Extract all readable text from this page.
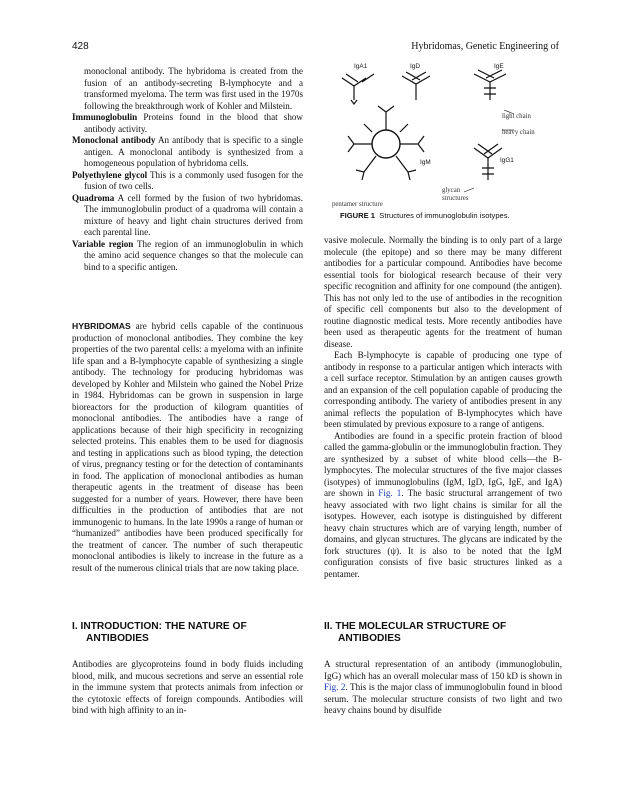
428	Hybridomas, Genetic Engineering of

monoclonal antibody. The hybridoma is created from the fusion of an antibody-secreting B-lymphocyte and a transformed myeloma. The term was first used in the 1970s following the breakthrough work of Kohler and Milstein.

Immunoglobulin Proteins found in the blood that show antibody activity.

Monoclonal antibody An antibody that is specific to a single antigen. A monoclonal antibody is synthesized from a homogeneous population of hybridoma cells.

Polyethylene glycol This is a commonly used fusogen for the fusion of two cells.

Quadroma A cell formed by the fusion of two hybridomas. The immunoglobulin product of a quadroma will contain a mixture of heavy and light chain structures derived from each parental line.

Variable region The region of an immunoglobulin in which the amino acid sequence changes so that the molecule can bind to a specific antigen.

HYBRIDOMAS are hybrid cells capable of the continuous production of monoclonal antibodies. They combine the key properties of the two parental cells: a myeloma with an infinite life span and a B-lymphocyte capable of synthesizing a single antibody. The technology for producing hybridomas was developed by Kohler and Milstein who gained the Nobel Prize in 1984. Hybridomas can be grown in suspension in large bioreactors for the production of kilogram quantities of monoclonal antibodies. The antibodies have a range of applications because of their high specificity in recognizing selected proteins. This enables them to be used for diagnosis and testing in applications such as blood typing, the detection of virus, pregnancy testing or for the detection of contaminants in food. The application of monoclonal antibodies as human therapeutic agents in the treatment of disease has been suggested for a number of years. However, there have been difficulties in the production of antibodies that are not immunogenic to humans. In the late 1990s a range of human or “humanized” antibodies have been produced specifically for the treatment of cancer. The number of such therapeutic monoclonal antibodies is likely to increase in the future as a result of the numerous clinical trials that are now taking place.

I. INTRODUCTION: THE NATURE OF ANTIBODIES

Antibodies are glycoproteins found in body fluids including blood, milk, and mucous secretions and serve an essential role in the immune system that protects animals from infection or the cytotoxic effects of foreign compounds. Antibodies will bind with high affinity to an in-

IgA1	IgD	IgE
IgM	IgG1
light chain
heavy chain
glycan
structures
pentamer structure
FIGURE 1 Structures of immunoglobulin isotypes.

vasive molecule. Normally the binding is to only part of a large molecule (the epitope) and so there may be many different antibodies for a particular compound. Antibodies have become essential tools for biological research because of their very specific recognition and affinity for one compound (the antigen). This has not only led to the use of antibodies in the recognition of specific cell components but also to the development of routine diagnostic medical tests. More recently antibodies have been used as therapeutic agents for the treatment of human disease.

Each B-lymphocyte is capable of producing one type of antibody in response to a particular antigen which interacts with a cell surface receptor. Stimulation by an antigen causes growth and an expansion of the cell population capable of producing the corresponding antibody. The variety of antibodies present in any animal reflects the population of B-lymphocytes which have been stimulated by previous exposure to a range of antigens.

Antibodies are found in a specific protein fraction of blood called the gamma-globulin or the immunoglobulin fraction. They are synthesized by a subset of white blood cells—the B-lymphocytes. The molecular structures of the five major classes (isotypes) of immunoglobulins (IgM, IgD, IgG, IgE, and IgA) are shown in Fig. 1. The basic structural arrangement of two heavy associated with two light chains is similar for all the isotypes. However, each isotype is distinguished by different heavy chain structures which are of varying length, number of domains, and glycan structures. The glycans are indicated by the fork structures (ψ). It is also to be noted that the IgM configuration consists of five basic structures linked as a pentamer.

II. THE MOLECULAR STRUCTURE OF ANTIBODIES

A structural representation of an antibody (immunoglobulin, IgG) which has an overall molecular mass of 150 kD is shown in Fig. 2. This is the major class of immunoglobulin found in blood serum. The molecular structure consists of two light and two heavy chains bound by disulfide
